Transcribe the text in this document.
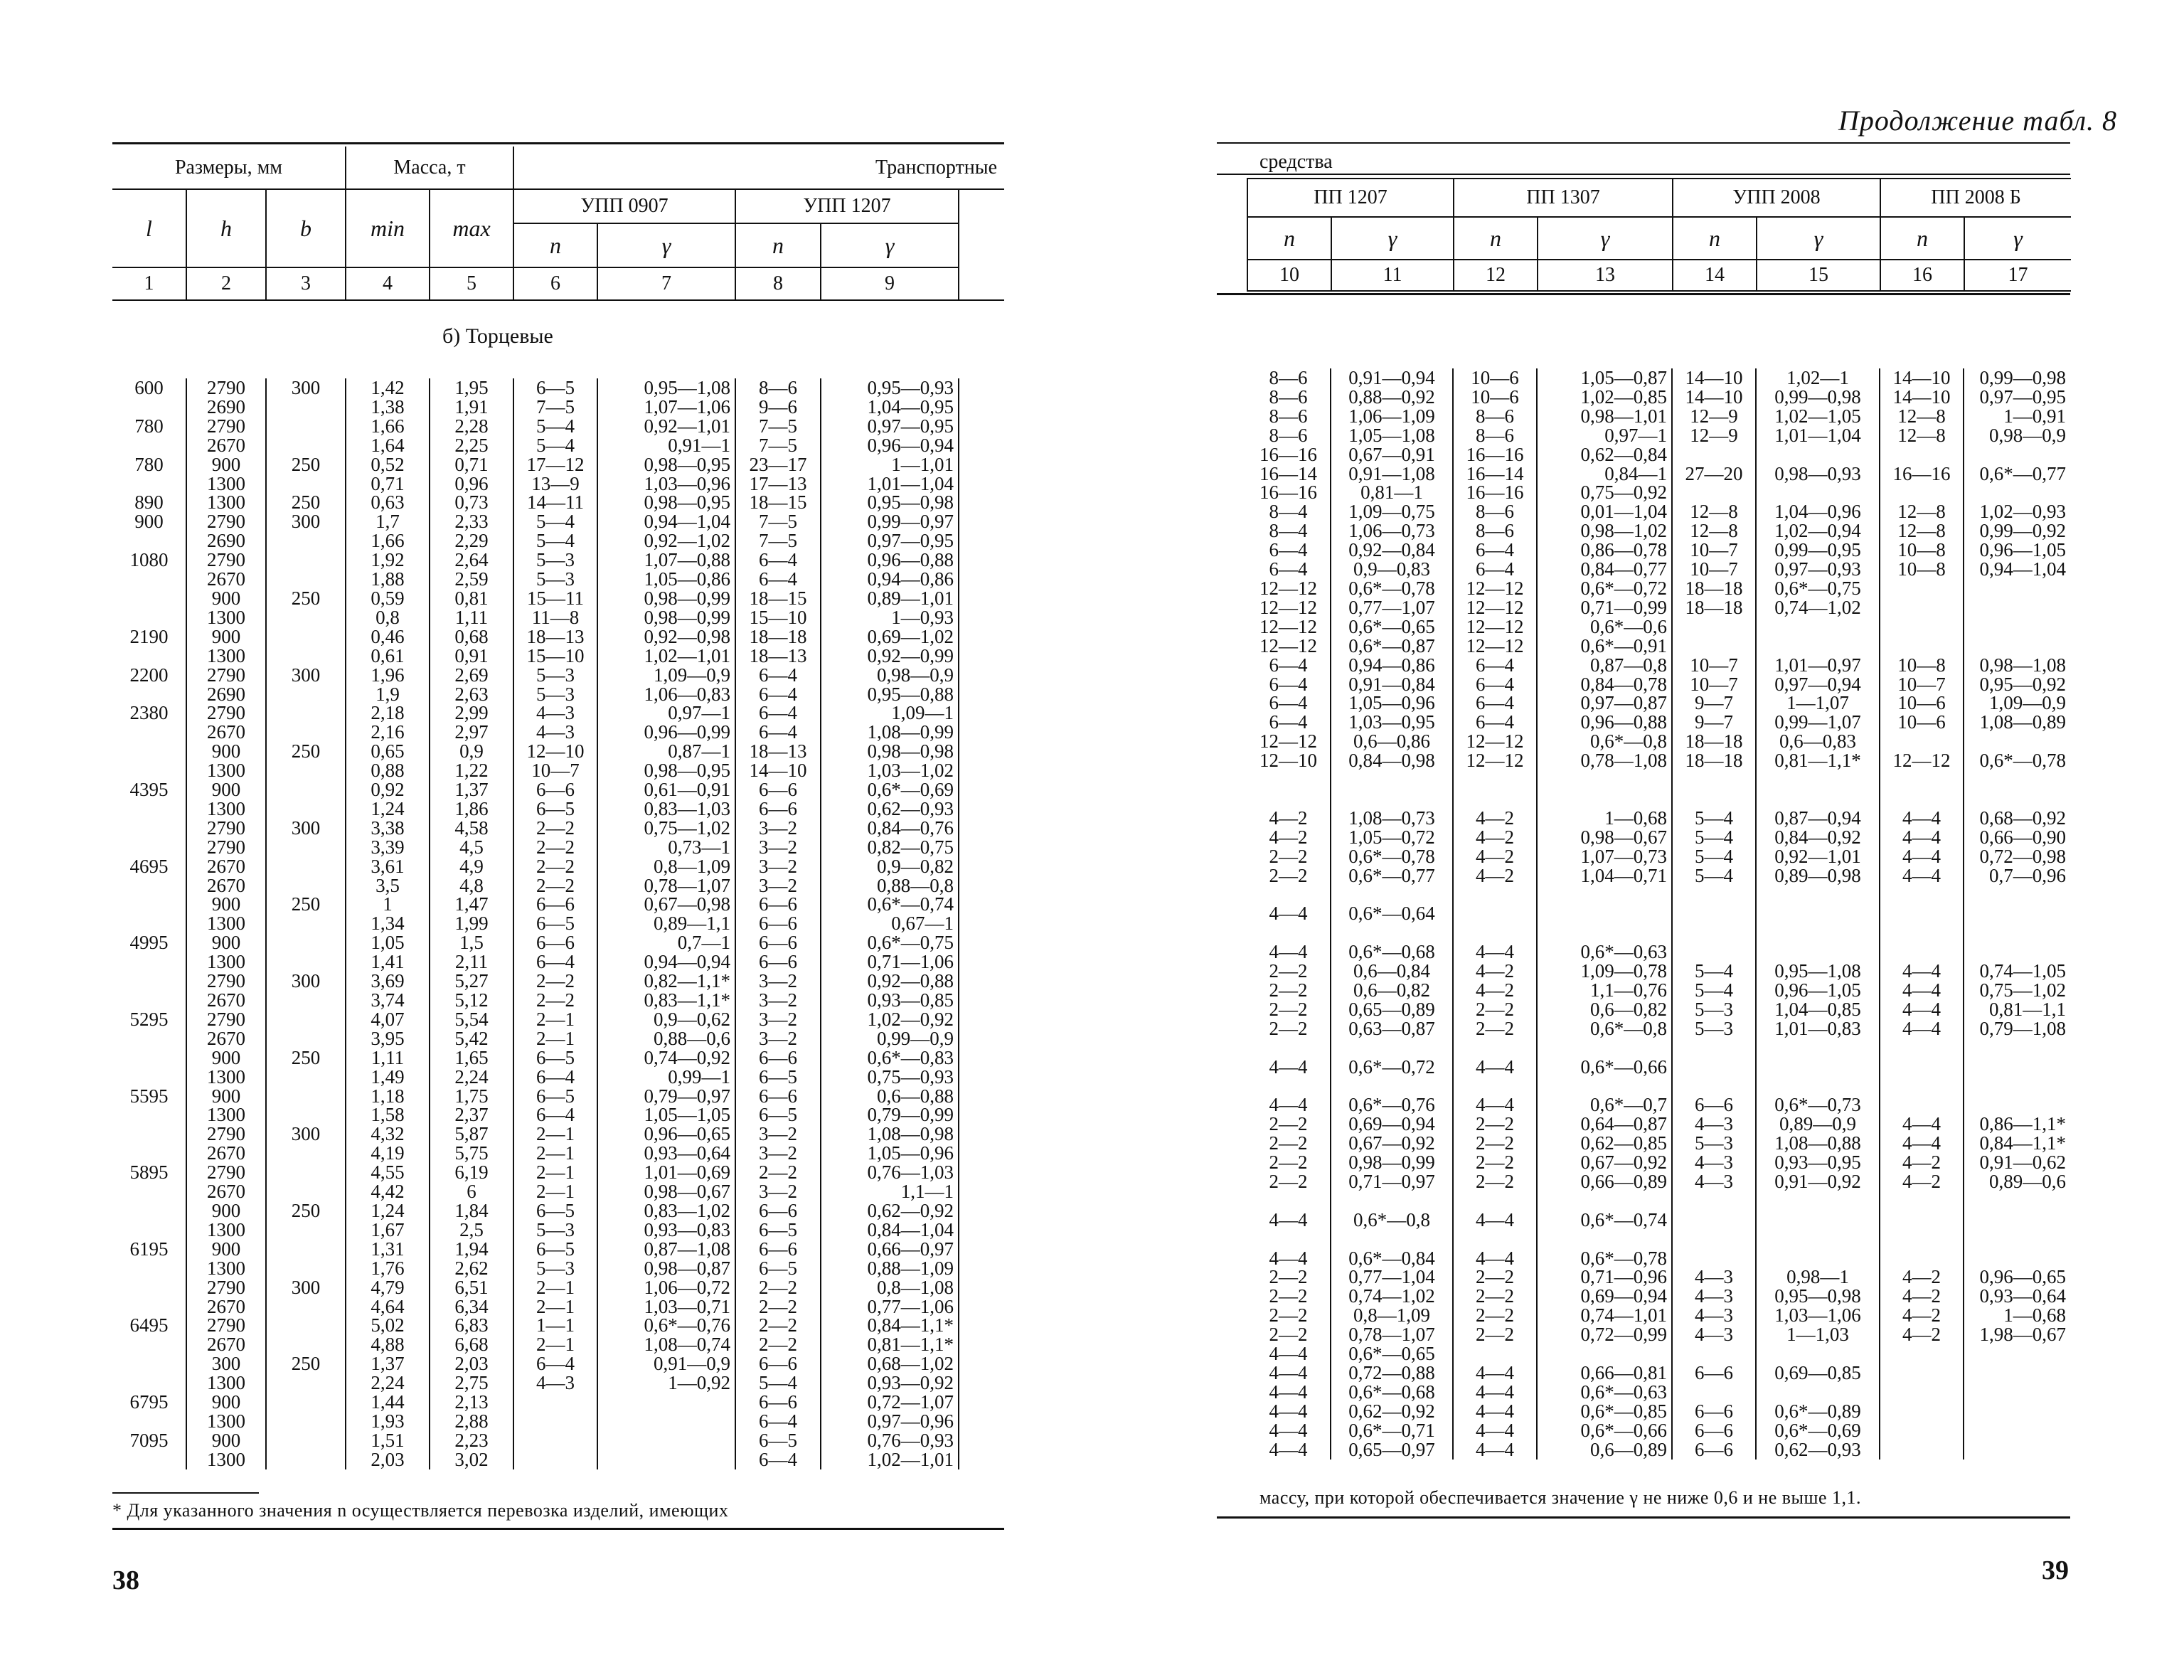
Размеры, мм			Масса, т		Транспортные				
l	h	b	min	max	УПП 0907		УПП 1207		
					n	γ	n	γ	
1	2	3	4	5	6	7	8	9	
б) Торцевые
600	2790	300	1,42	1,95	6—5	0,95—1,08	8—6	0,95—0,93	
	2690		1,38	1,91	7—5	1,07—1,06	9—6	1,04—0,95	
780	2790		1,66	2,28	5—4	0,92—1,01	7—5	0,97—0,95	
	2670		1,64	2,25	5—4	0,91—1	7—5	0,96—0,94	
780	900	250	0,52	0,71	17—12	0,98—0,95	23—17	1—1,01	
	1300		0,71	0,96	13—9	1,03—0,96	17—13	1,01—1,04	
890	1300	250	0,63	0,73	14—11	0,98—0,95	18—15	0,95—0,98	
900	2790	300	1,7	2,33	5—4	0,94—1,04	7—5	0,99—0,97	
	2690		1,66	2,29	5—4	0,92—1,02	7—5	0,97—0,95	
1080	2790		1,92	2,64	5—3	1,07—0,88	6—4	0,96—0,88	
	2670		1,88	2,59	5—3	1,05—0,86	6—4	0,94—0,86	
	900	250	0,59	0,81	15—11	0,98—0,99	18—15	0,89—1,01	
	1300		0,8	1,11	11—8	0,98—0,99	15—10	1—0,93	
2190	900		0,46	0,68	18—13	0,92—0,98	18—18	0,69—1,02	
	1300		0,61	0,91	15—10	1,02—1,01	18—13	0,92—0,99	
2200	2790	300	1,96	2,69	5—3	1,09—0,9	6—4	0,98—0,9	
	2690		1,9	2,63	5—3	1,06—0,83	6—4	0,95—0,88	
2380	2790		2,18	2,99	4—3	0,97—1	6—4	1,09—1	
	2670		2,16	2,97	4—3	0,96—0,99	6—4	1,08—0,99	
	900	250	0,65	0,9	12—10	0,87—1	18—13	0,98—0,98	
	1300		0,88	1,22	10—7	0,98—0,95	14—10	1,03—1,02	
4395	900		0,92	1,37	6—6	0,61—0,91	6—6	0,6*—0,69	
	1300		1,24	1,86	6—5	0,83—1,03	6—6	0,62—0,93	
	2790	300	3,38	4,58	2—2	0,75—1,02	3—2	0,84—0,76	
	2790		3,39	4,5	2—2	0,73—1	3—2	0,82—0,75	
4695	2670		3,61	4,9	2—2	0,8—1,09	3—2	0,9—0,82	
	2670		3,5	4,8	2—2	0,78—1,07	3—2	0,88—0,8	
	900	250	1	1,47	6—6	0,67—0,98	6—6	0,6*—0,74	
	1300		1,34	1,99	6—5	0,89—1,1	6—6	0,67—1	
4995	900		1,05	1,5	6—6	0,7—1	6—6	0,6*—0,75	
	1300		1,41	2,11	6—4	0,94—0,94	6—6	0,71—1,06	
	2790	300	3,69	5,27	2—2	0,82—1,1*	3—2	0,92—0,88	
	2670		3,74	5,12	2—2	0,83—1,1*	3—2	0,93—0,85	
5295	2790		4,07	5,54	2—1	0,9—0,62	3—2	1,02—0,92	
	2670		3,95	5,42	2—1	0,88—0,6	3—2	0,99—0,9	
	900	250	1,11	1,65	6—5	0,74—0,92	6—6	0,6*—0,83	
	1300		1,49	2,24	6—4	0,99—1	6—5	0,75—0,93	
5595	900		1,18	1,75	6—5	0,79—0,97	6—6	0,6—0,88	
	1300		1,58	2,37	6—4	1,05—1,05	6—5	0,79—0,99	
	2790	300	4,32	5,87	2—1	0,96—0,65	3—2	1,08—0,98	
	2670		4,19	5,75	2—1	0,93—0,64	3—2	1,05—0,96	
5895	2790		4,55	6,19	2—1	1,01—0,69	2—2	0,76—1,03	
	2670		4,42	6	2—1	0,98—0,67	3—2	1,1—1	
	900	250	1,24	1,84	6—5	0,83—1,02	6—6	0,62—0,92	
	1300		1,67	2,5	5—3	0,93—0,83	6—5	0,84—1,04	
6195	900		1,31	1,94	6—5	0,87—1,08	6—6	0,66—0,97	
	1300		1,76	2,62	5—3	0,98—0,87	6—5	0,88—1,09	
	2790	300	4,79	6,51	2—1	1,06—0,72	2—2	0,8—1,08	
	2670		4,64	6,34	2—1	1,03—0,71	2—2	0,77—1,06	
6495	2790		5,02	6,83	1—1	0,6*—0,76	2—2	0,84—1,1*	
	2670		4,88	6,68	2—1	1,08—0,74	2—2	0,81—1,1*	
	300	250	1,37	2,03	6—4	0,91—0,9	6—6	0,68—1,02	
	1300		2,24	2,75	4—3	1—0,92	5—4	0,93—0,92	
6795	900		1,44	2,13			6—6	0,72—1,07	
	1300		1,93	2,88			6—4	0,97—0,96	
7095	900		1,51	2,23			6—5	0,76—0,93	
	1300		2,03	3,02			6—4	1,02—1,01	
* Для указанного значения n осуществляется перевозка изделий, имеющих
38
Продолжение табл. 8
средства
ПП 1207		ПП 1307		УПП 2008		ПП 2008 Б	
n	γ	n	γ	n	γ	n	γ
10	11	12	13	14	15	16	17
8—6	0,91—0,94	10—6	1,05—0,87	14—10	1,02—1	14—10	0,99—0,98
8—6	0,88—0,92	10—6	1,02—0,85	14—10	0,99—0,98	14—10	0,97—0,95
8—6	1,06—1,09	8—6	0,98—1,01	12—9	1,02—1,05	12—8	1—0,91
8—6	1,05—1,08	8—6	0,97—1	12—9	1,01—1,04	12—8	0,98—0,9
16—16	0,67—0,91	16—16	0,62—0,84				
16—14	0,91—1,08	16—14	0,84—1	27—20	0,98—0,93	16—16	0,6*—0,77
16—16	0,81—1	16—16	0,75—0,92				
8—4	1,09—0,75	8—6	0,01—1,04	12—8	1,04—0,96	12—8	1,02—0,93
8—4	1,06—0,73	8—6	0,98—1,02	12—8	1,02—0,94	12—8	0,99—0,92
6—4	0,92—0,84	6—4	0,86—0,78	10—7	0,99—0,95	10—8	0,96—1,05
6—4	0,9—0,83	6—4	0,84—0,77	10—7	0,97—0,93	10—8	0,94—1,04
12—12	0,6*—0,78	12—12	0,6*—0,72	18—18	0,6*—0,75		
12—12	0,77—1,07	12—12	0,71—0,99	18—18	0,74—1,02		
12—12	0,6*—0,65	12—12	0,6*—0,6				
12—12	0,6*—0,87	12—12	0,6*—0,91				
6—4	0,94—0,86	6—4	0,87—0,8	10—7	1,01—0,97	10—8	0,98—1,08
6—4	0,91—0,84	6—4	0,84—0,78	10—7	0,97—0,94	10—7	0,95—0,92
6—4	1,05—0,96	6—4	0,97—0,87	9—7	1—1,07	10—6	1,09—0,9
6—4	1,03—0,95	6—4	0,96—0,88	9—7	0,99—1,07	10—6	1,08—0,89
12—12	0,6—0,86	12—12	0,6*—0,8	18—18	0,6—0,83		
12—10	0,84—0,98	12—12	0,78—1,08	18—18	0,81—1,1*	12—12	0,6*—0,78

4—2	1,08—0,73	4—2	1—0,68	5—4	0,87—0,94	4—4	0,68—0,92
4—2	1,05—0,72	4—2	0,98—0,67	5—4	0,84—0,92	4—4	0,66—0,90
2—2	0,6*—0,78	4—2	1,07—0,73	5—4	0,92—1,01	4—4	0,72—0,98
2—2	0,6*—0,77	4—2	1,04—0,71	5—4	0,89—0,98	4—4	0,7—0,96

4—4	0,6*—0,64						

4—4	0,6*—0,68	4—4	0,6*—0,63				
2—2	0,6—0,84	4—2	1,09—0,78	5—4	0,95—1,08	4—4	0,74—1,05
2—2	0,6—0,82	4—2	1,1—0,76	5—4	0,96—1,05	4—4	0,75—1,02
2—2	0,65—0,89	2—2	0,6—0,82	5—3	1,04—0,85	4—4	0,81—1,1
2—2	0,63—0,87	2—2	0,6*—0,8	5—3	1,01—0,83	4—4	0,79—1,08

4—4	0,6*—0,72	4—4	0,6*—0,66				

4—4	0,6*—0,76	4—4	0,6*—0,7	6—6	0,6*—0,73		
2—2	0,69—0,94	2—2	0,64—0,87	4—3	0,89—0,9	4—4	0,86—1,1*
2—2	0,67—0,92	2—2	0,62—0,85	5—3	1,08—0,88	4—4	0,84—1,1*
2—2	0,98—0,99	2—2	0,67—0,92	4—3	0,93—0,95	4—2	0,91—0,62
2—2	0,71—0,97	2—2	0,66—0,89	4—3	0,91—0,92	4—2	0,89—0,6

4—4	0,6*—0,8	4—4	0,6*—0,74				

4—4	0,6*—0,84	4—4	0,6*—0,78				
2—2	0,77—1,04	2—2	0,71—0,96	4—3	0,98—1	4—2	0,96—0,65
2—2	0,74—1,02	2—2	0,69—0,94	4—3	0,95—0,98	4—2	0,93—0,64
2—2	0,8—1,09	2—2	0,74—1,01	4—3	1,03—1,06	4—2	1—0,68
2—2	0,78—1,07	2—2	0,72—0,99	4—3	1—1,03	4—2	1,98—0,67
4—4	0,6*—0,65						
4—4	0,72—0,88	4—4	0,66—0,81	6—6	0,69—0,85		
4—4	0,6*—0,68	4—4	0,6*—0,63				
4—4	0,62—0,92	4—4	0,6*—0,85	6—6	0,6*—0,89		
4—4	0,6*—0,71	4—4	0,6*—0,66	6—6	0,6*—0,69		
4—4	0,65—0,97	4—4	0,6—0,89	6—6	0,62—0,93		
массу, при которой обеспечивается значение γ не ниже 0,6 и не выше 1,1.
39
